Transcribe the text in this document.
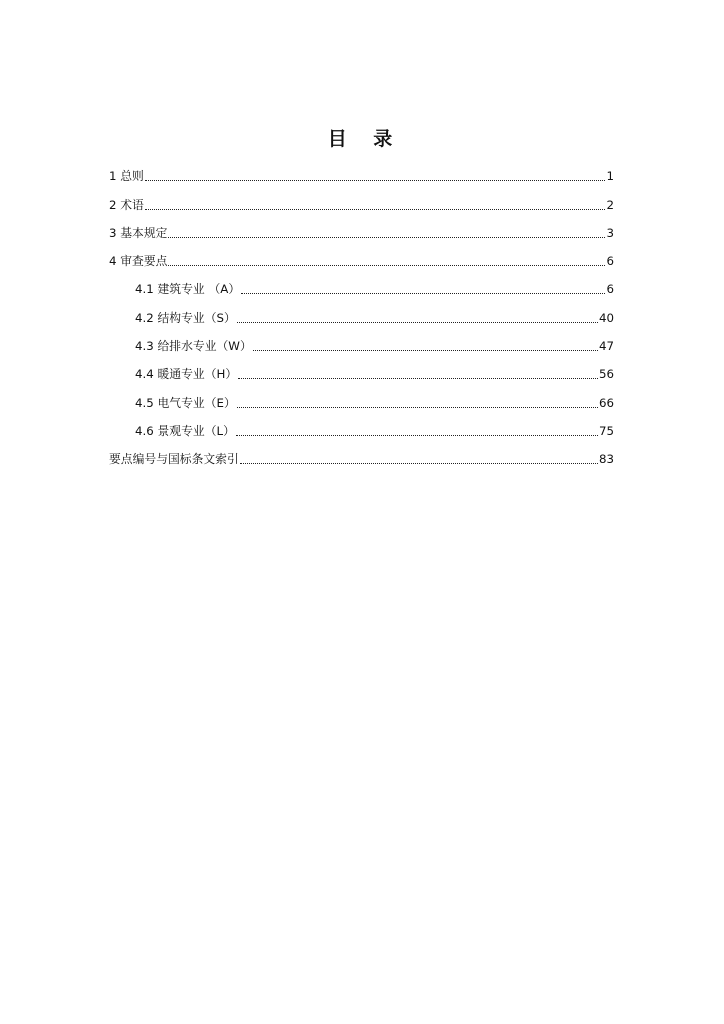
目 录
1 总则	1
2 术语	2
3 基本规定	3
4 审查要点	6
4.1 建筑专业 （A）	6
4.2 结构专业（S）	40
4.3 给排水专业（W）	47
4.4 暖通专业（H）	56
4.5 电气专业（E）	66
4.6 景观专业（L）	75
要点编号与国标条文索引	83
